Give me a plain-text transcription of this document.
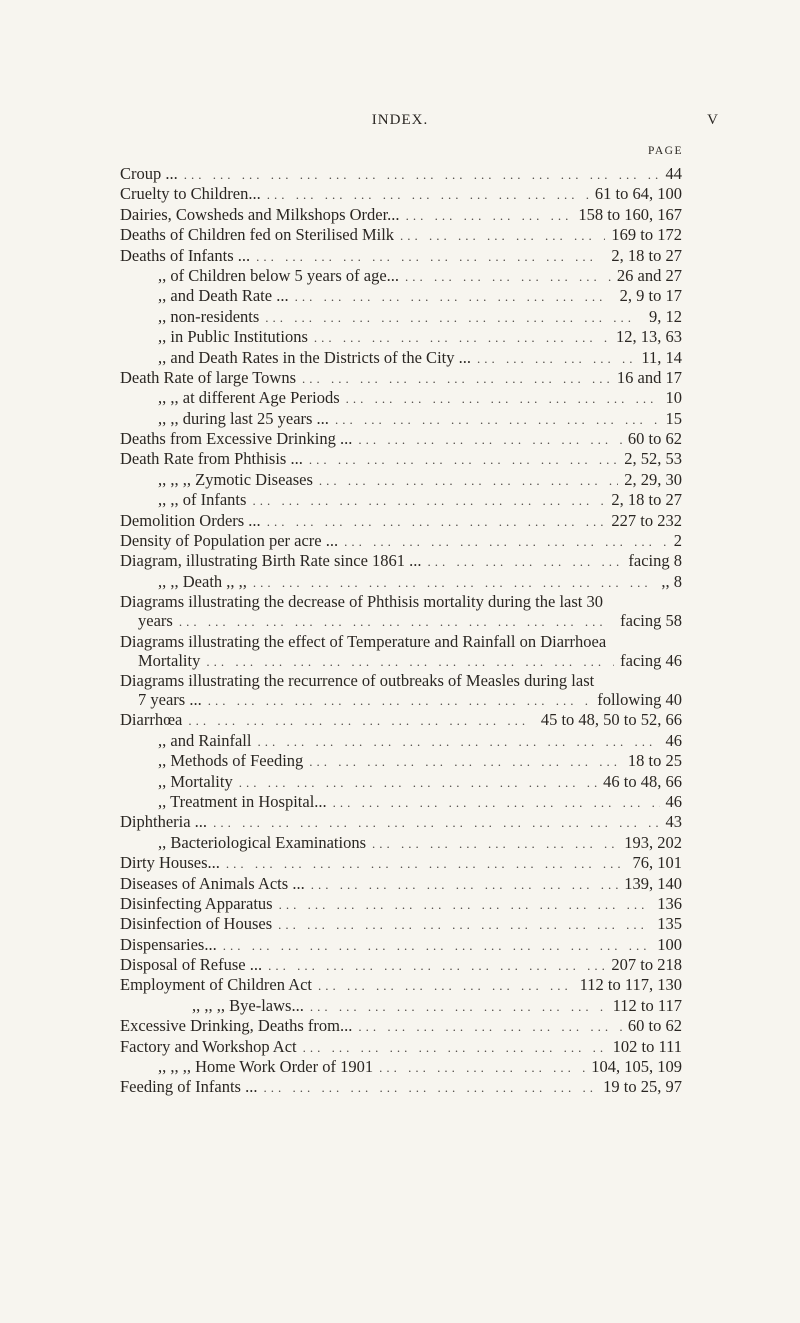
INDEX.	V
PAGE
Croup ... ... .	44
Cruelty to Children... ... .	61 to 64, 100
Dairies, Cowsheds and Milkshops Order... ... .	158 to 160, 167
Deaths of Children fed on Sterilised Milk ... .	169 to 172
Deaths of Infants ... ... .	2, 18 to 27
,, of Children below 5 years of age... ... .	26 and 27
,, and Death Rate ... ... .	2, 9 to 17
,, non-residents ... .	9, 12
,, in Public Institutions ... .	12, 13, 63
,, and Death Rates in the Districts of the City ... ... .	11, 14
Death Rate of large Towns ... .	16 and 17
,, ,, at different Age Periods ... .	10
,, ,, during last 25 years ... ... .	15
Deaths from Excessive Drinking ... ... .	60 to 62
Death Rate from Phthisis ... ... .	2, 52, 53
,, ,, ,, Zymotic Diseases ... .	2, 29, 30
,, ,, of Infants ... .	2, 18 to 27
Demolition Orders ... ... .	227 to 232
Density of Population per acre ... ... .	2
Diagram, illustrating Birth Rate since 1861 ... ... .	facing 8
,, ,, Death ,, ,, ... .	,, 8
Diagrams illustrating the decrease of Phthisis mortality during the last 30
years ... .	facing 58
Diagrams illustrating the effect of Temperature and Rainfall on Diarrhoea
Mortality ... .	facing 46
Diagrams illustrating the recurrence of outbreaks of Measles during last
7 years ... ... .	following 40
Diarrhœa ... .	45 to 48, 50 to 52, 66
,, and Rainfall ... .	46
,, Methods of Feeding ... .	18 to 25
,, Mortality ... .	46 to 48, 66
,, Treatment in Hospital... ... .	46
Diphtheria ... ... .	43
,, Bacteriological Examinations ... .	193, 202
Dirty Houses... ... .	76, 101
Diseases of Animals Acts ... ... .	139, 140
Disinfecting Apparatus ... .	136
Disinfection of Houses ... .	135
Dispensaries... ... .	100
Disposal of Refuse ... ... .	207 to 218
Employment of Children Act ... .	112 to 117, 130
,, ,, ,, Bye-laws... ... .	112 to 117
Excessive Drinking, Deaths from... ... .	60 to 62
Factory and Workshop Act ... .	102 to 111
,, ,, ,, Home Work Order of 1901 ... .	104, 105, 109
Feeding of Infants ... ... .	19 to 25, 97
